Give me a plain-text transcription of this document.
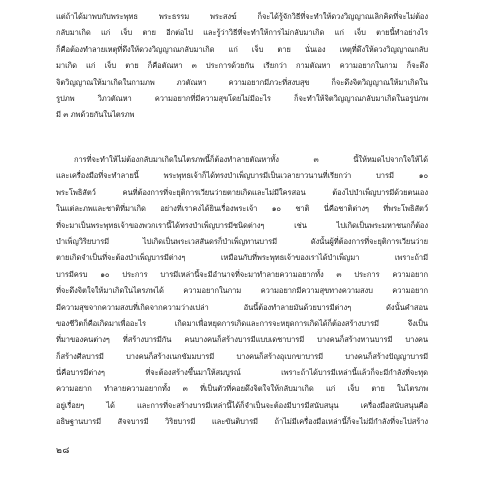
แต่ถ้าได้มาพบกับพระพุทธ พระธรรม พระสงฆ์ ก็จะได้รู้จักวิธีที่จะทำให้ดวงวิญญาณเลิกคิดที่จะไม่ต้อง
กลับมาเกิด แก่ เจ็บ ตาย อีกต่อไป และรู้ว่าวิธีที่จะทำให้การไม่กลับมาเกิด แก่ เจ็บ ตายนี้ทำอย่างไร
ก็คือต้องทำลายเหตุที่ดึงให้ดวงวิญญาณกลับมาเกิด แก่ เจ็บ ตาย นั่นเอง เหตุที่ดึงให้ดวงวิญญาณกลับ
มาเกิด แก่ เจ็บ ตาย ก็คือตัณหา ๓ ประการด้วยกัน เรียกว่า กามตัณหา ความอยากในกาม ก็จะดึง
จิตวิญญาณให้มาเกิดในกามภพ ภวตัณหา ความอยากมีภวะที่สงบสุข ก็จะดึงจิตวิญญาณให้มาเกิดใน
รูปภพ วิภวตัณหา ความอยากที่มีความสุขโดยไม่มีอะไร ก็จะทำให้จิตวิญญาณกลับมาเกิดในอรูปภพ
มี ๓ ภพด้วยกันในไตรภพ
การที่จะทำให้ไม่ต้องกลับมาเกิดในไตรภพนี้ก็ต้องทำลายตัณหาทั้ง ๓ นี้ให้หมดไปจากใจให้ได้
และเครื่องมือที่จะทำลายนี้ พระพุทธเจ้าก็ได้ทรงบำเพ็ญบารมีเป็นเวลายาวนานที่เรียกว่า บารมี ๑๐
พระโพธิสัตว์ คนที่ต้องการที่จะยุติการเวียนว่ายตายเกิดและไม่มีใครสอน ต้องไปบำเพ็ญบารมีด้วยตนเอง
ในแต่ละภพและชาติที่มาเกิด อย่างที่เราคงได้ยินเรื่องพระเจ้า ๑๐ ชาติ นี่คือชาติต่างๆ ที่พระโพธิสัตว์
ที่จะมาเป็นพระพุทธเจ้าของพวกเรานี้ได้ทรงบำเพ็ญบารมีชนิดต่างๆ เช่น ไปเกิดเป็นพระมหาชนกก็ต้อง
บำเพ็ญวิริยบารมี ไปเกิดเป็นพระเวสสันดรก็บำเพ็ญทานบารมี ดังนั้นผู้ที่ต้องการที่จะยุติการเวียนว่าย
ตายเกิดจำเป็นที่จะต้องบำเพ็ญบารมีต่างๆ เหมือนกับที่พระพุทธเจ้าของเราได้บำเพ็ญมา เพราะถ้ามี
บารมีครบ ๑๐ ประการ บารมีเหล่านี้จะมีอำนาจที่จะมาทำลายความอยากทั้ง ๓ ประการ ความอยาก
ที่จะดึงจิตใจให้มาเกิดในไตรภพได้ ความอยากในกาม ความอยากมีความสุขทางความสงบ ความอยาก
มีความสุขจากความสงบที่เกิดจากความว่างเปล่า อันนี้ต้องทำลายมันด้วยบารมีต่างๆ ดังนั้นคำสอน
ของชีวิตก็คือเกิดมาเพื่ออะไร เกิดมาเพื่อหยุดการเกิดและการจะหยุดการเกิดได้ก็ต้องสร้างบารมี จึงเป็น
ที่มาของคนต่างๆ ที่สร้างบารมีกัน คนบางคนก็สร้างบารมีแบบเดชาบารมี บางคนก็สร้างทานบารมี บางคน
ก็สร้างศีลบารมี บางคนก็สร้างเนกขัมมบารมี บางคนก็สร้างอุเบกขาบารมี บางคนก็สร้างปัญญาบารมี
นี่คือบารมีต่างๆ ที่จะต้องสร้างขึ้นมาให้สมบูรณ์ เพราะถ้าได้บารมีเหล่านี้แล้วก็จะมีกำลังที่จะทุด
ความอยาก ทำลายความอยากทั้ง ๓ ที่เป็นตัวที่คอยดึงจิตใจให้กลับมาเกิด แก่ เจ็บ ตาย ในไตรภพ
อยู่เรื่อยๆ ได้ และการที่จะสร้างบารมีเหล่านี้ได้ก็จำเป็นจะต้องมีบารมีสนับสนุน เครื่องมือสนับสนุนคือ
อธิษฐานบารมี สัจจบารมี วิริยบารมี และขันติบารมี ถ้าไม่มีเครื่องมือเหล่านี้ก็จะไม่มีกำลังที่จะไปสร้าง
๒๘
